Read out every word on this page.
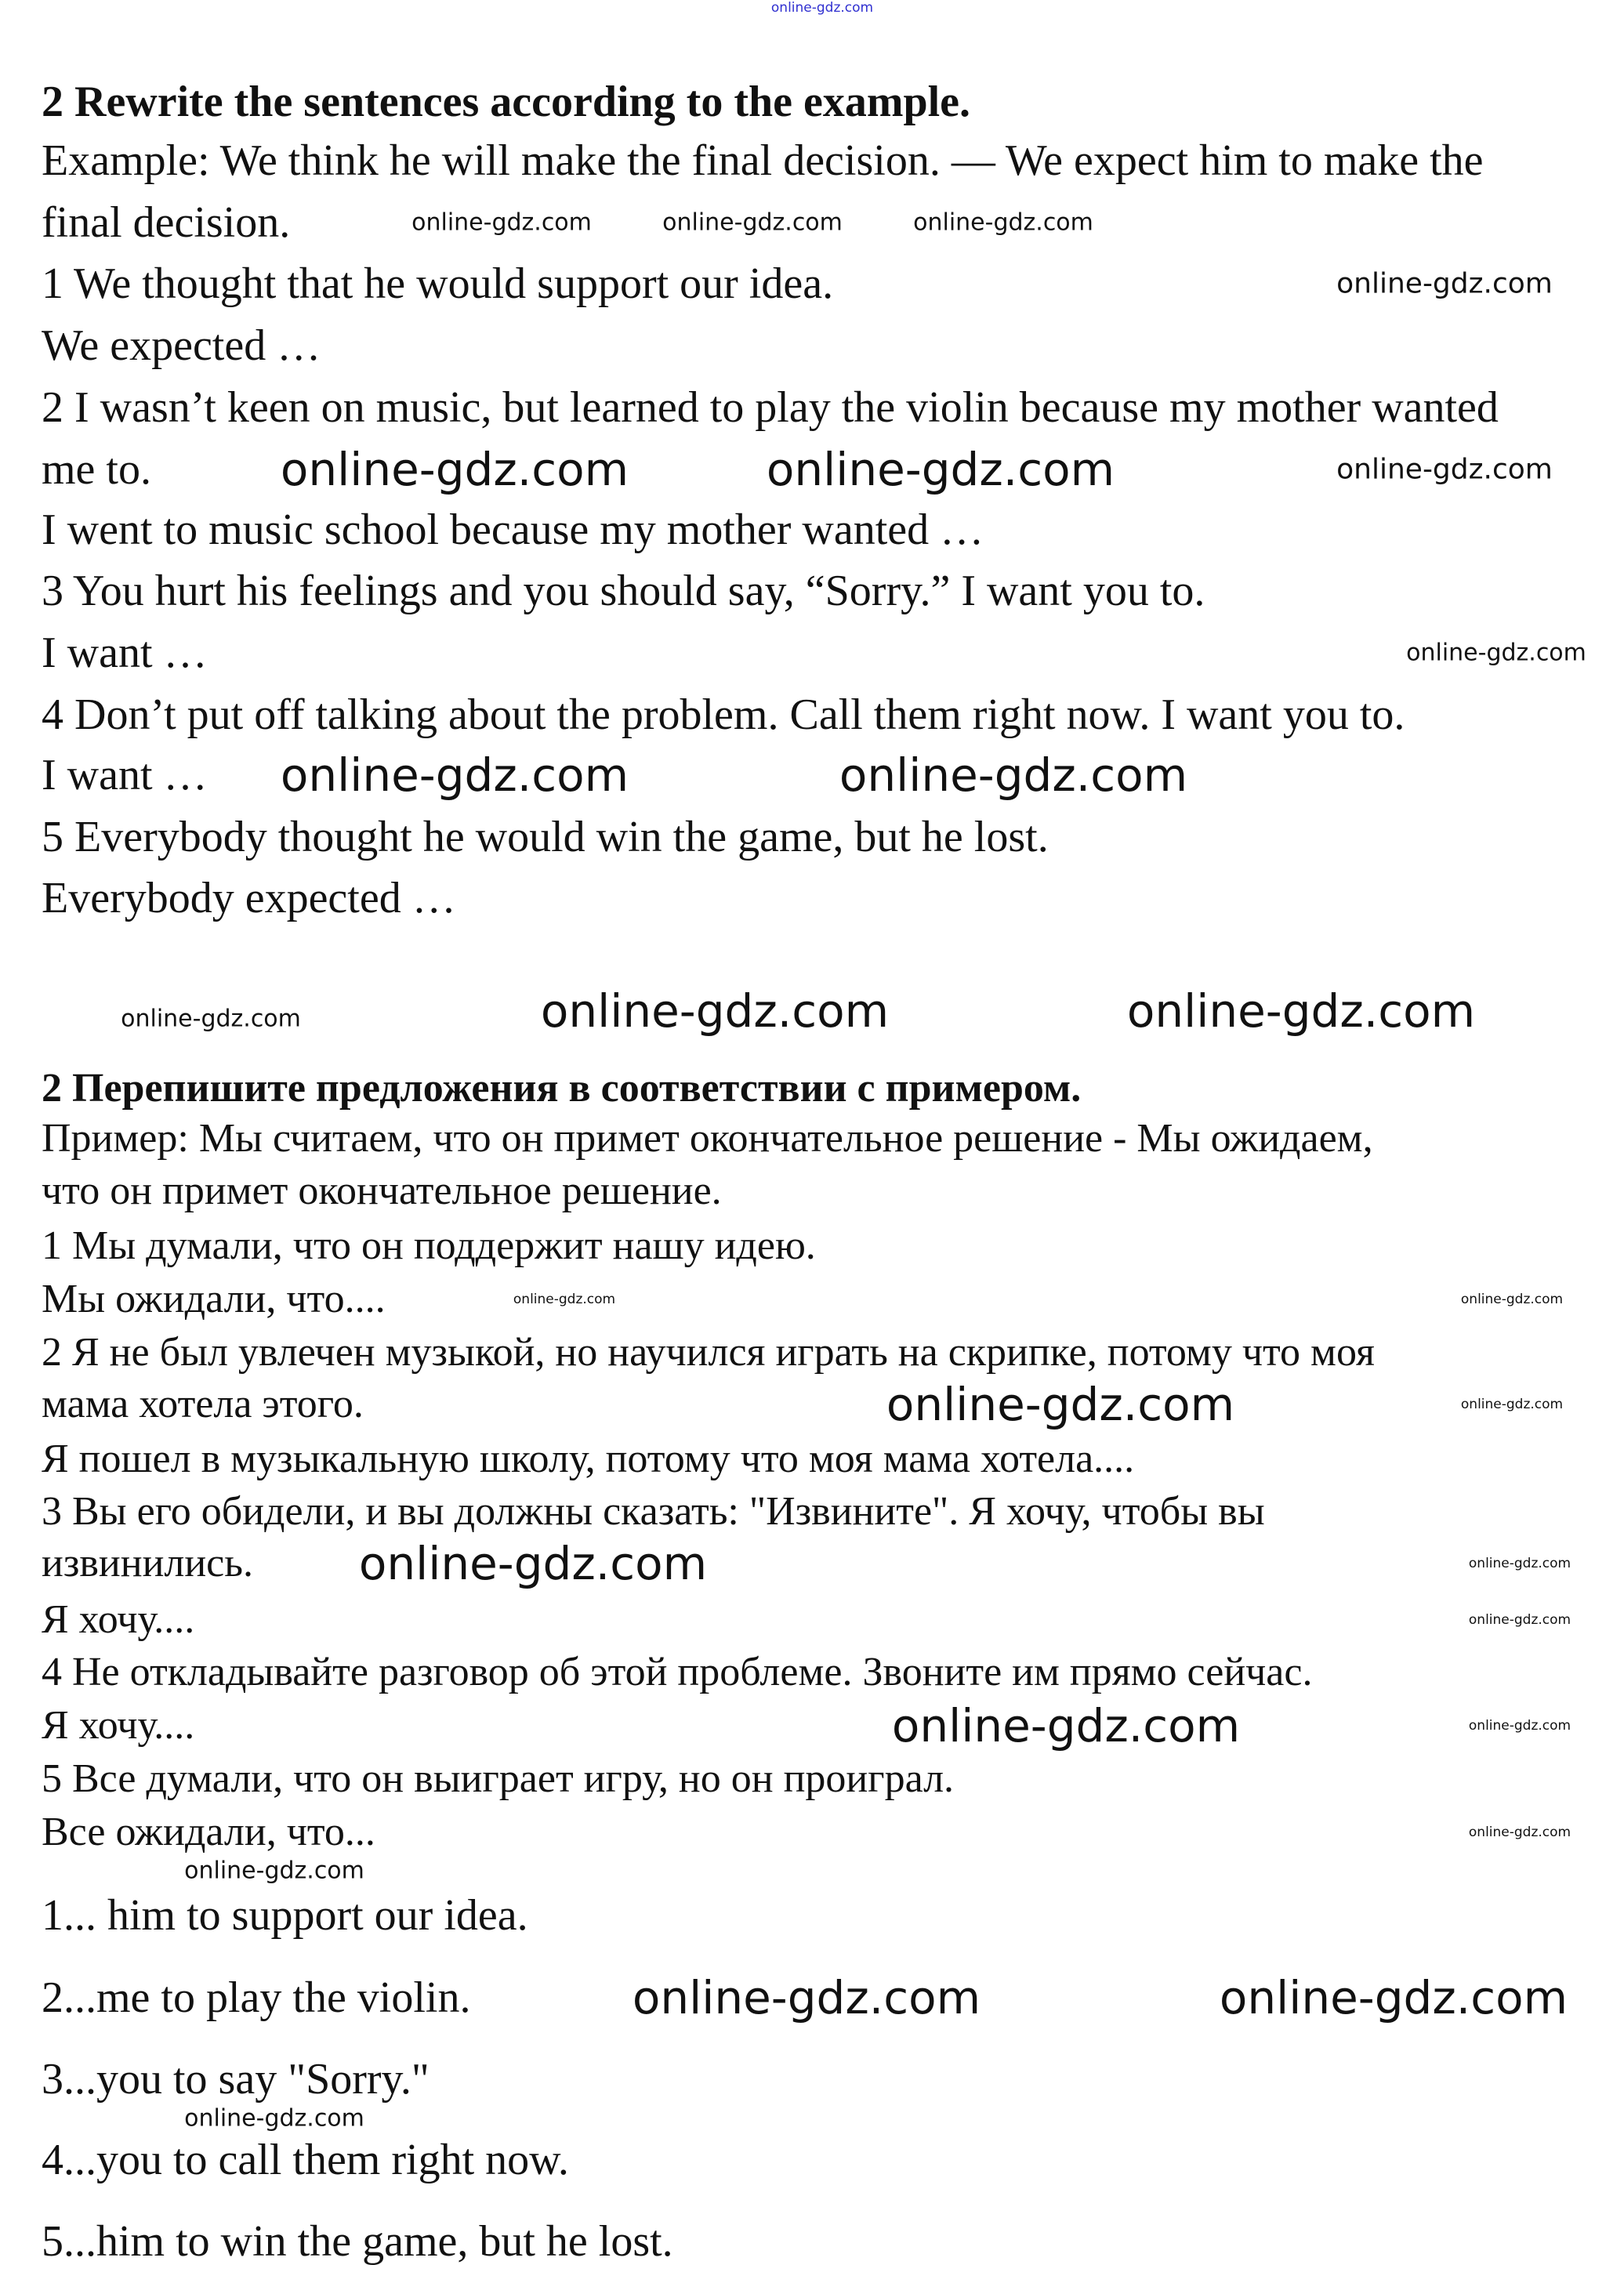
2 Rewrite the sentences according to the example.
Example: We think he will make the final decision. — We expect him to make the
final decision.
1 We thought that he would support our idea.
We expected …
2 I wasn’t keen on music, but learned to play the violin because my mother wanted
me to.
I went to music school because my mother wanted …
3 You hurt his feelings and you should say, “Sorry.” I want you to.
I want …
4 Don’t put off talking about the problem. Call them right now. I want you to.
I want …
5 Everybody thought he would win the game, but he lost.
Everybody expected …
2 Перепишите предложения в соответствии с примером.
Пример: Мы считаем, что он примет окончательное решение - Мы ожидаем,
что он примет окончательное решение.
1 Мы думали, что он поддержит нашу идею.
Мы ожидали, что....
2 Я не был увлечен музыкой, но научился играть на скрипке, потому что моя
мама хотела этого.
Я пошел в музыкальную школу, потому что моя мама хотела....
3 Вы его обидели, и вы должны сказать: "Извините". Я хочу, чтобы вы
извинились.
Я хочу....
4 Не откладывайте разговор об этой проблеме. Звоните им прямо сейчас.
Я хочу....
5 Все думали, что он выиграет игру, но он проиграл.
Все ожидали, что...
1... him to support our idea.
2...me to play the violin.
3...you to say "Sorry."
4...you to call them right now.
5...him to win the game, but he lost.
online-gdz.com
online-gdz.com	online-gdz.com	online-gdz.com
online-gdz.com
online-gdz.com
online-gdz.com	online-gdz.com
online-gdz.com
online-gdz.com	online-gdz.com
online-gdz.com	online-gdz.com
online-gdz.com
online-gdz.com	online-gdz.com
online-gdz.com
online-gdz.com
online-gdz.com
online-gdz.com
online-gdz.com
online-gdz.com
online-gdz.com
online-gdz.com
online-gdz.com
online-gdz.com	online-gdz.com
online-gdz.com
